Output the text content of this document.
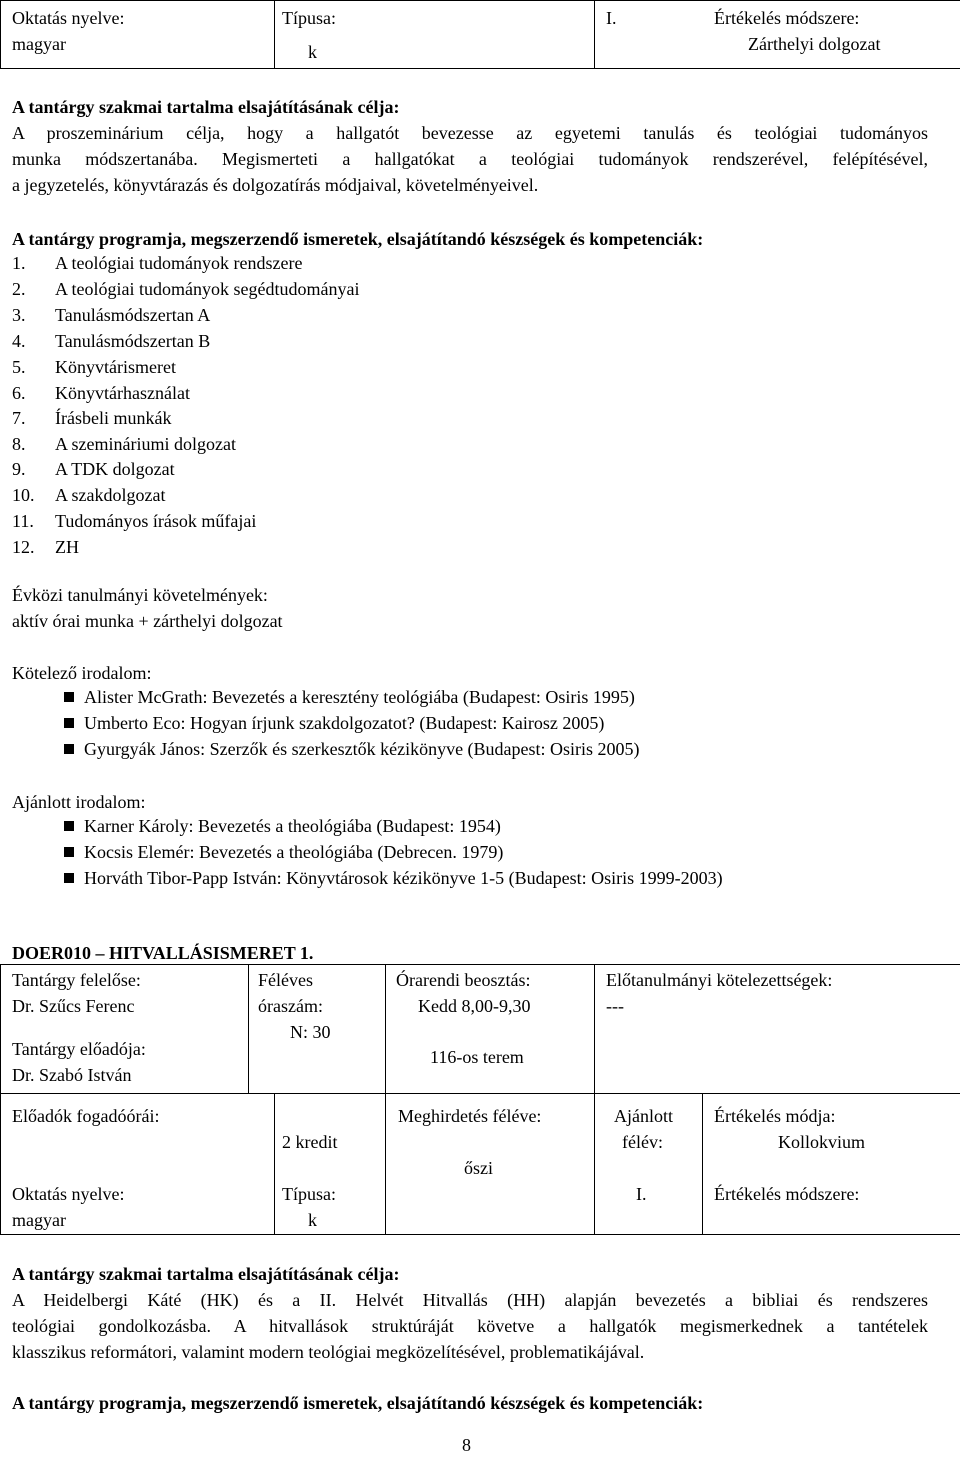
Oktatás nyelve:
magyar
Típusa:
k
I.	Értékelés módszere:
Zárthelyi dolgozat
A tantárgy szakmai tartalma elsajátításának célja:
A proszeminárium célja, hogy a hallgatót bevezesse az egyetemi tanulás és teológiai tudományos
munka módszertanába. Megismerteti a hallgatókat a teológiai tudományok rendszerével, felépítésével,
a jegyzetelés, könyvtárazás és dolgozatírás módjaival, követelményeivel.
A tantárgy programja, megszerzendő ismeretek, elsajátítandó készségek és kompetenciák:
1. A teológiai tudományok rendszere
2. A teológiai tudományok segédtudományai
3. Tanulásmódszertan A
4. Tanulásmódszertan B
5. Könyvtárismeret
6. Könyvtárhasználat
7. Írásbeli munkák
8. A szemináriumi dolgozat
9. A TDK dolgozat
10. A szakdolgozat
11. Tudományos írások műfajai
12. ZH
Évközi tanulmányi követelmények:
aktív órai munka + zárthelyi dolgozat
Kötelező irodalom:
Alister McGrath: Bevezetés a keresztény teológiába (Budapest: Osiris 1995)
Umberto Eco: Hogyan írjunk szakdolgozatot? (Budapest: Kairosz 2005)
Gyurgyák János: Szerzők és szerkesztők kézikönyve (Budapest: Osiris 2005)
Ajánlott irodalom:
Karner Károly: Bevezetés a theológiába (Budapest: 1954)
Kocsis Elemér: Bevezetés a theológiába (Debrecen. 1979)
Horváth Tibor-Papp István: Könyvtárosok kézikönyve 1-5 (Budapest: Osiris 1999-2003)
DOER010 – HITVALLÁSISMERET 1.
Tantárgy felelőse:
Dr. Szűcs Ferenc
Tantárgy előadója:
Dr. Szabó István
Féléves
óraszám:
N: 30
Órarendi beosztás:
Kedd 8,00-9,30
116-os terem
Előtanulmányi kötelezettségek:
---
Előadók fogadóórái:
2 kredit
Meghirdetés féléve:
őszi
Ajánlott
félév:
I.
Értékelés módja:
Kollokvium
Oktatás nyelve:
magyar
Típusa:
k
Értékelés módszere:
A tantárgy szakmai tartalma elsajátításának célja:
A Heidelbergi Káté (HK) és a II. Helvét Hitvallás (HH) alapján bevezetés a bibliai és rendszeres
teológiai gondolkozásba. A hitvallások struktúráját követve a hallgatók megismerkednek a tantételek
klasszikus reformátori, valamint modern teológiai megközelítésével, problematikájával.
A tantárgy programja, megszerzendő ismeretek, elsajátítandó készségek és kompetenciák:
8
